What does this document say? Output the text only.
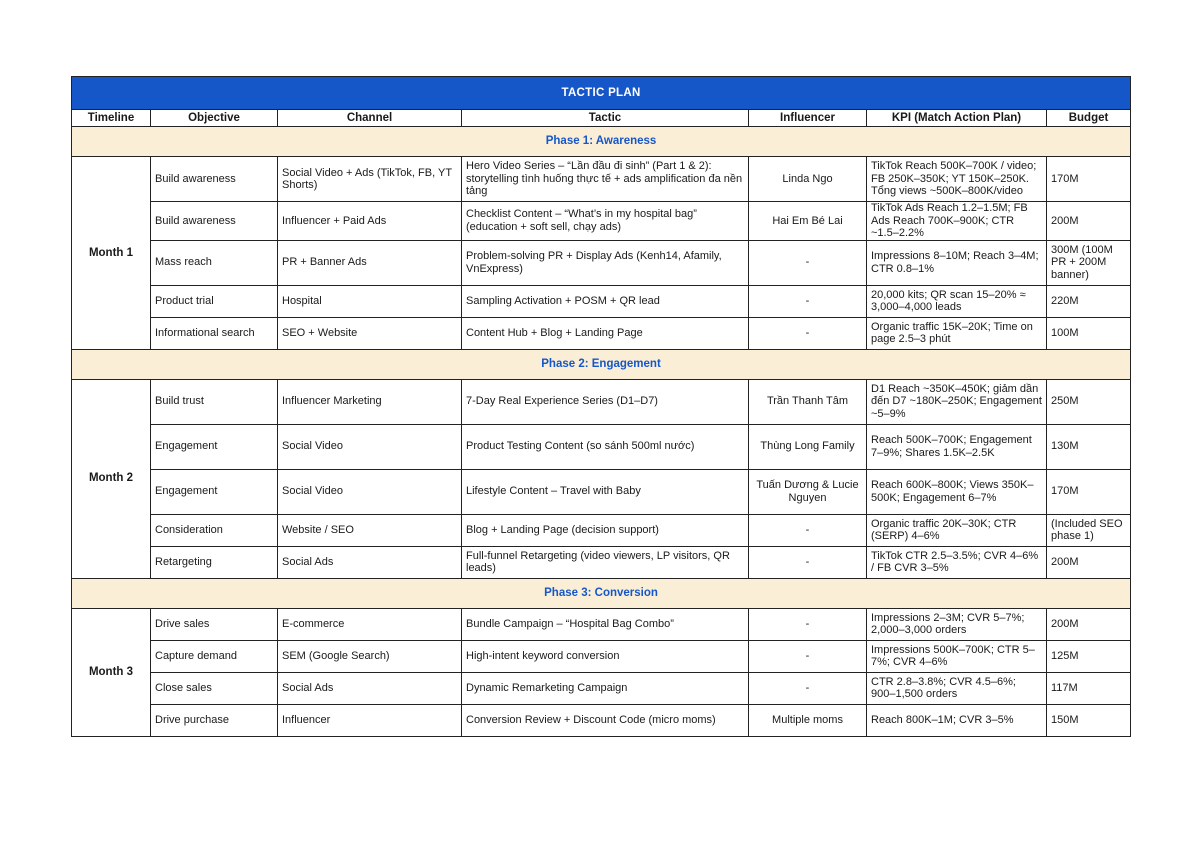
TACTIC PLAN						
Timeline	Objective	Channel	Tactic	Influencer	KPI (Match Action Plan)	Budget
Phase 1: Awareness						
Month 1	Build awareness	Social Video + Ads (TikTok, FB, YT Shorts)	Hero Video Series – “Lần đầu đi sinh” (Part 1 & 2): storytelling tình huống thực tế + ads amplification đa nền tảng	Linda Ngo	TikTok Reach 500K–700K / video; FB 250K–350K; YT 150K–250K. Tổng views ~500K–800K/video	170M
	Build awareness	Influencer + Paid Ads	Checklist Content – “What’s in my hospital bag” (education + soft sell, chạy ads)	Hai Em Bé Lai	TikTok Ads Reach 1.2–1.5M; FB Ads Reach 700K–900K; CTR ~1.5–2.2%	200M
	Mass reach	PR + Banner Ads	Problem-solving PR + Display Ads (Kenh14, Afamily, VnExpress)	-	Impressions 8–10M; Reach 3–4M; CTR 0.8–1%	300M (100M PR + 200M banner)
	Product trial	Hospital	Sampling Activation + POSM + QR lead	-	20,000 kits; QR scan 15–20% ≈ 3,000–4,000 leads	220M
	Informational search	SEO + Website	Content Hub + Blog + Landing Page	-	Organic traffic 15K–20K; Time on page 2.5–3 phút	100M
Phase 2: Engagement						
Month 2	Build trust	Influencer Marketing	7-Day Real Experience Series (D1–D7)	Trần Thanh Tâm	D1 Reach ~350K–450K; giảm dần đến D7 ~180K–250K; Engagement ~5–9%	250M
	Engagement	Social Video	Product Testing Content (so sánh 500ml nước)	Thùng Long Family	Reach 500K–700K; Engagement 7–9%; Shares 1.5K–2.5K	130M
	Engagement	Social Video	Lifestyle Content – Travel with Baby	Tuấn Dương & Lucie Nguyen	Reach 600K–800K; Views 350K–500K; Engagement 6–7%	170M
	Consideration	Website / SEO	Blog + Landing Page (decision support)	-	Organic traffic 20K–30K; CTR (SERP) 4–6%	(Included SEO phase 1)
	Retargeting	Social Ads	Full-funnel Retargeting (video viewers, LP visitors, QR leads)	-	TikTok CTR 2.5–3.5%; CVR 4–6% / FB CVR 3–5%	200M
Phase 3: Conversion						
Month 3	Drive sales	E-commerce	Bundle Campaign – “Hospital Bag Combo”	-	Impressions 2–3M; CVR 5–7%; 2,000–3,000 orders	200M
	Capture demand	SEM (Google Search)	High-intent keyword conversion	-	Impressions 500K–700K; CTR 5–7%; CVR 4–6%	125M
	Close sales	Social Ads	Dynamic Remarketing Campaign	-	CTR 2.8–3.8%; CVR 4.5–6%; 900–1,500 orders	117M
	Drive purchase	Influencer	Conversion Review + Discount Code (micro moms)	Multiple moms	Reach 800K–1M; CVR 3–5%	150M
